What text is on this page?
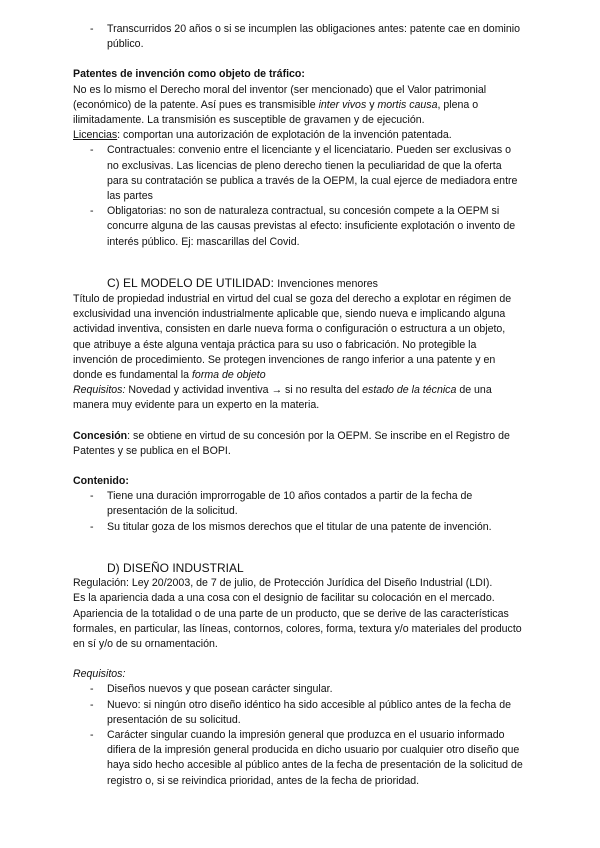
- Transcurridos 20 años o si se incumplen las obligaciones antes: patente cae en dominio público.

Patentes de invención como objeto de tráfico:

No es lo mismo el Derecho moral del inventor (ser mencionado) que el Valor patrimonial (económico) de la patente. Así pues es transmisible inter vivos y mortis causa, plena o ilimitadamente. La transmisión es susceptible de gravamen y de ejecución.

Licencias: comportan una autorización de explotación de la invención patentada.

- Contractuales: convenio entre el licenciante y el licenciatario. Pueden ser exclusivas o no exclusivas. Las licencias de pleno derecho tienen la peculiaridad de que la oferta para su contratación se publica a través de la OEPM, la cual ejerce de mediadora entre las partes
- Obligatorias: no son de naturaleza contractual, su concesión compete a la OEPM si concurre alguna de las causas previstas al efecto: insuficiente explotación o invento de interés público. Ej: mascarillas del Covid.
C) EL MODELO DE UTILIDAD: Invenciones menores

Título de propiedad industrial en virtud del cual se goza del derecho a explotar en régimen de exclusividad una invención industrialmente aplicable que, siendo nueva e implicando alguna actividad inventiva, consisten en darle nueva forma o configuración o estructura a un objeto, que atribuye a éste alguna ventaja práctica para su uso o fabricación. No protegible la invención de procedimiento. Se protegen invenciones de rango inferior a una patente y en donde es fundamental la forma de objeto

Requisitos: Novedad y actividad inventiva → si no resulta del estado de la técnica de una manera muy evidente para un experto en la materia.

Concesión: se obtiene en virtud de su concesión por la OEPM. Se inscribe en el Registro de Patentes y se publica en el BOPI.

Contenido:

- Tiene una duración improrrogable de 10 años contados a partir de la fecha de presentación de la solicitud.
- Su titular goza de los mismos derechos que el titular de una patente de invención.
D) DISEÑO INDUSTRIAL

Regulación: Ley 20/2003, de 7 de julio, de Protección Jurídica del Diseño Industrial (LDI).

Es la apariencia dada a una cosa con el designio de facilitar su colocación en el mercado. Apariencia de la totalidad o de una parte de un producto, que se derive de las características formales, en particular, las líneas, contornos, colores, forma, textura y/o materiales del producto en sí y/o de su ornamentación.

Requisitos:

- Diseños nuevos y que posean carácter singular.
- Nuevo: si ningún otro diseño idéntico ha sido accesible al público antes de la fecha de presentación de su solicitud.
- Carácter singular cuando la impresión general que produzca en el usuario informado difiera de la impresión general producida en dicho usuario por cualquier otro diseño que haya sido hecho accesible al público antes de la fecha de presentación de la solicitud de registro o, si se reivindica prioridad, antes de la fecha de prioridad.
